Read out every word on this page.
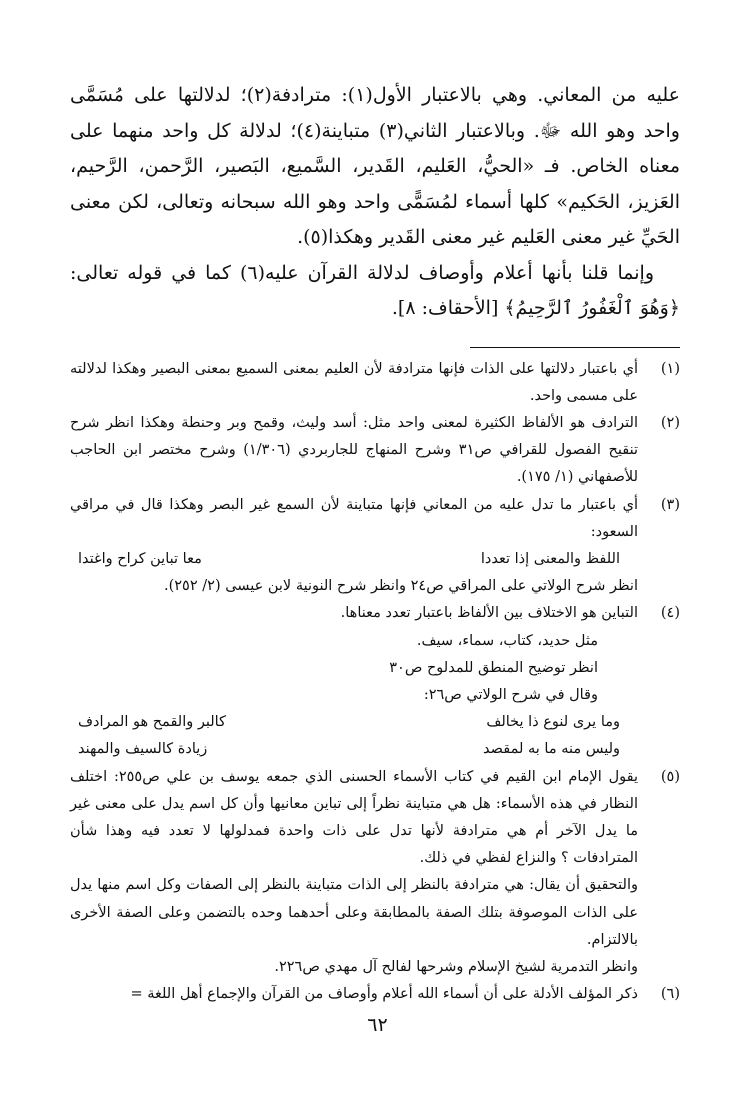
عليه من المعاني. وهي بالاعتبار الأول(١): مترادفة(٢)؛ لدلالتها على مُسَمَّى واحد وهو الله ﷻ. وبالاعتبار الثاني(٣) متباينة(٤)؛ لدلالة كل واحد منهما على معناه الخاص. فـ «الحيُّ، العَليم، القَدير، السَّميع، البَصير، الرَّحمن، الرَّحيم، العَزيز، الحَكيم» كلها أسماء لمُسَمًّى واحد وهو الله سبحانه وتعالى، لكن معنى الحَيِّ غير معنى العَليم غير معنى القَدير وهكذا(٥).

وإنما قلنا بأنها أعلام وأوصاف لدلالة القرآن عليه(٦) كما في قوله تعالى: ﴿وَهُوَ ٱلْغَفُورُ ٱلرَّحِيمُ﴾ [الأحقاف: ٨].

(١)

أي باعتبار دلالتها على الذات فإنها مترادفة لأن العليم بمعنى السميع بمعنى البصير وهكذا لدلالته على مسمى واحد.

(٢)

الترادف هو الألفاظ الكثيرة لمعنى واحد مثل: أسد وليث، وقمح وبر وحنطة وهكذا انظر شرح تنقيح الفصول للقرافي ص٣١ وشرح المنهاج للجاربردي (١/٣٠٦) وشرح مختصر ابن الحاجب للأصفهاني (١/ ١٧٥).

(٣)

أي باعتبار ما تدل عليه من المعاني فإنها متباينة لأن السمع غير البصر وهكذا قال في مراقي السعود:

اللفظ والمعنى إذا تعددا
معا تباين كراح واغتدا

انظر شرح الولاتي على المراقي ص٢٤ وانظر شرح النونية لابن عيسى (٢/ ٢٥٢).

(٤)

التباين هو الاختلاف بين الألفاظ باعتبار تعدد معناها.

مثل حديد، كتاب، سماء، سيف.

انظر توضيح المنطق للمدلوح ص٣٠

وقال في شرح الولاتي ص٢٦:

وما يرى لنوع ذا يخالف
كالبر والقمح هو المرادف
وليس منه ما به لمقصد
زيادة كالسيف والمهند
(٥)

يقول الإمام ابن القيم في كتاب الأسماء الحسنى الذي جمعه يوسف بن علي ص٢٥٥: اختلف النظار في هذه الأسماء: هل هي متباينة نظراً إلى تباين معانيها وأن كل اسم يدل على معنى غير ما يدل الآخر أم هي مترادفة لأنها تدل على ذات واحدة فمدلولها لا تعدد فيه وهذا شأن المترادفات ؟ والنزاع لفظي في ذلك.

والتحقيق أن يقال: هي مترادفة بالنظر إلى الذات متباينة بالنظر إلى الصفات وكل اسم منها يدل على الذات الموصوفة بتلك الصفة بالمطابقة وعلى أحدهما وحده بالتضمن وعلى الصفة الأخرى بالالتزام.

وانظر التدمرية لشيخ الإسلام وشرحها لفالح آل مهدي ص٢٢٦.

(٦)

ذكر المؤلف الأدلة على أن أسماء الله أعلام وأوصاف من القرآن والإجماع أهل اللغة =

٦٢
